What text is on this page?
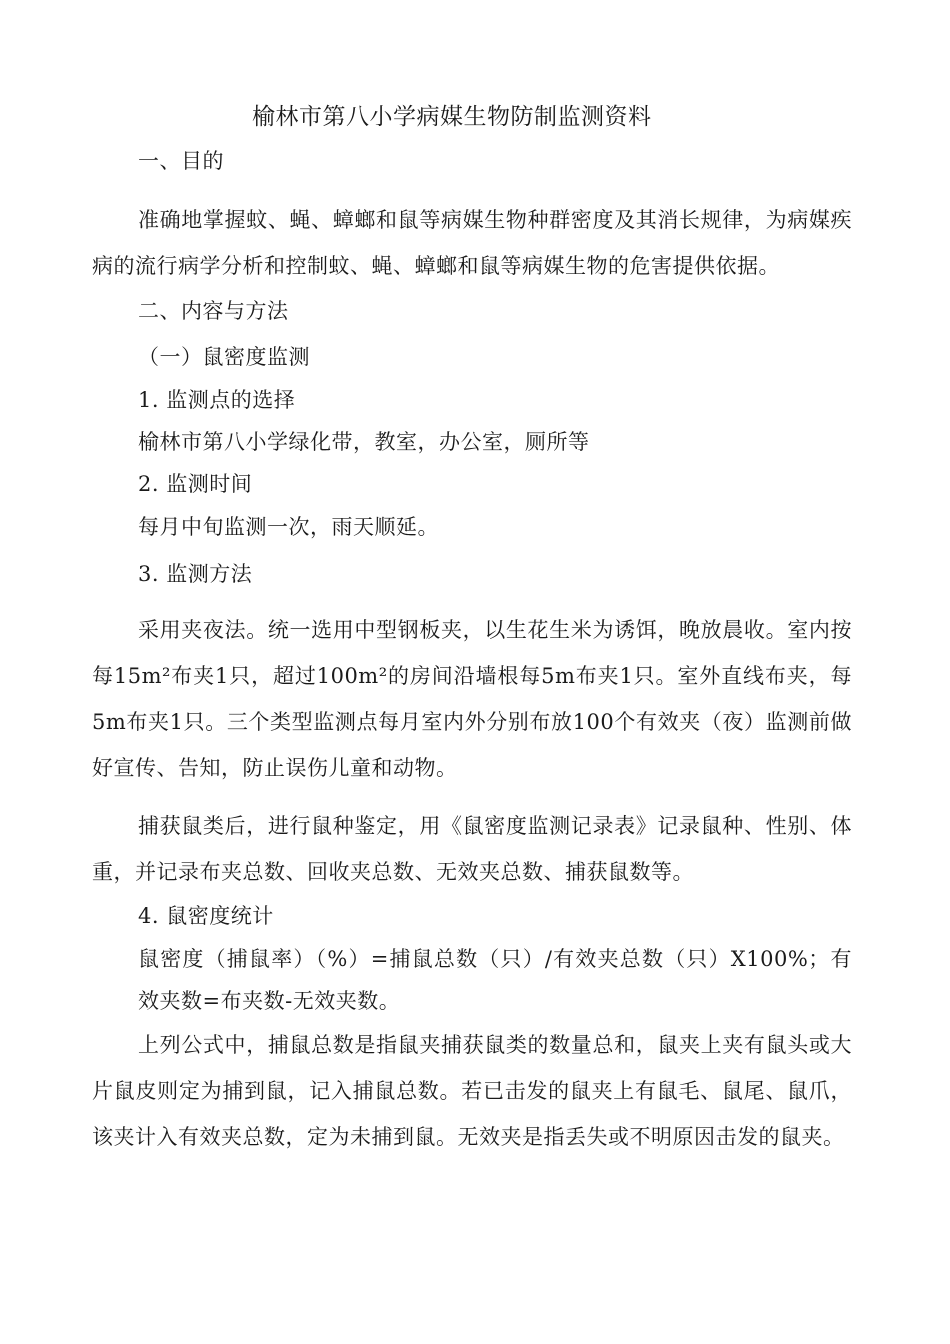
榆林市第八小学病媒生物防制监测资料
一、目的

准确地掌握蚊、蝇、蟑螂和鼠等病媒生物种群密度及其消长规律，为病媒疾病的流行病学分析和控制蚊、蝇、蟑螂和鼠等病媒生物的危害提供依据。

二、内容与方法
（一）鼠密度监测
1. 监测点的选择
榆林市第八小学绿化带，教室，办公室，厕所等
2. 监测时间
每月中旬监测一次，雨天顺延。
3. 监测方法

采用夹夜法。统一选用中型钢板夹，以生花生米为诱饵，晚放晨收。室内按每15m²布夹1只，超过100m²的房间沿墙根每5m布夹1只。室外直线布夹，每5m布夹1只。三个类型监测点每月室内外分别布放100个有效夹（夜）监测前做好宣传、告知，防止误伤儿童和动物。

捕获鼠类后，进行鼠种鉴定，用《鼠密度监测记录表》记录鼠种、性别、体重，并记录布夹总数、回收夹总数、无效夹总数、捕获鼠数等。

4. 鼠密度统计

鼠密度（捕鼠率）（%）=捕鼠总数（只）/有效夹总数（只）X100%；有效夹数=布夹数-无效夹数。

上列公式中，捕鼠总数是指鼠夹捕获鼠类的数量总和，鼠夹上夹有鼠头或大片鼠皮则定为捕到鼠，记入捕鼠总数。若已击发的鼠夹上有鼠毛、鼠尾、鼠爪，该夹计入有效夹总数，定为未捕到鼠。无效夹是指丢失或不明原因击发的鼠夹。
